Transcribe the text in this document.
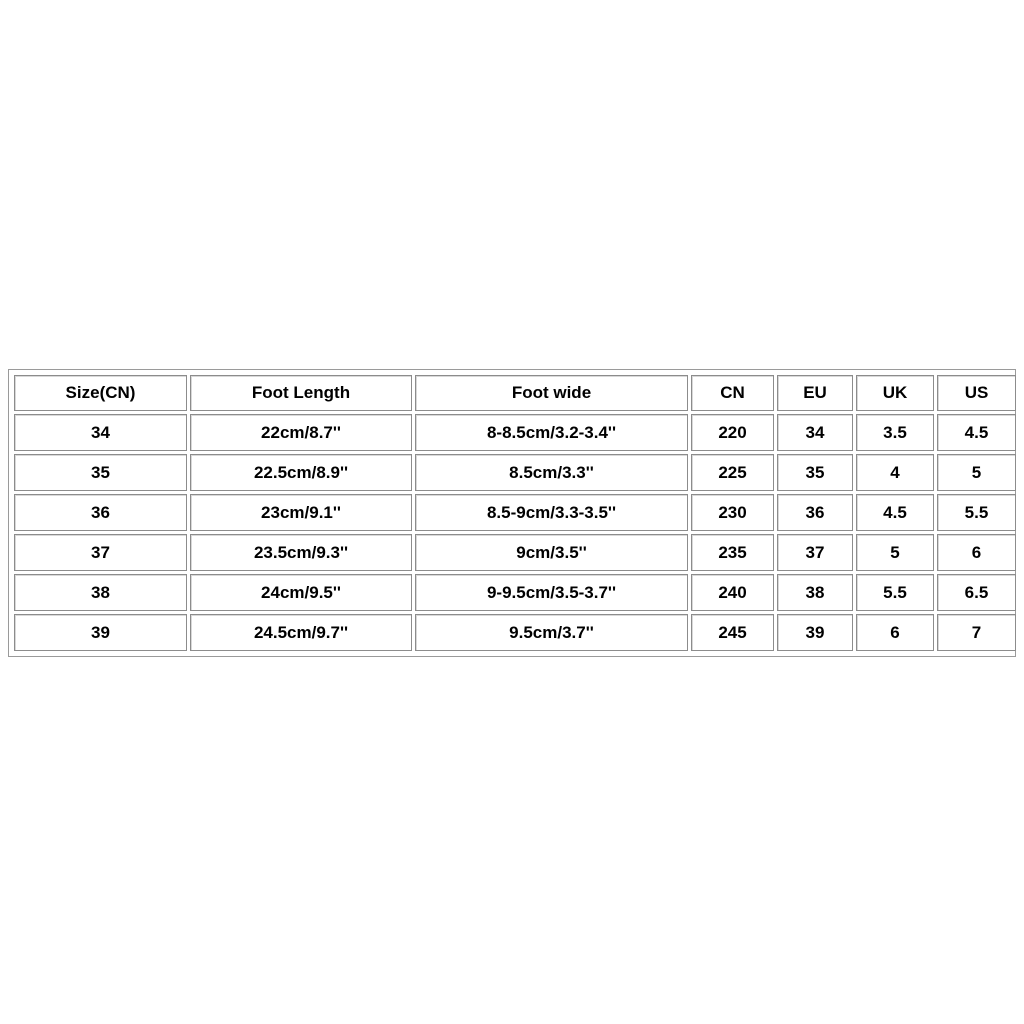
Size(CN)	Foot Length	Foot wide	CN	EU	UK	US
34	22cm/8.7''	8-8.5cm/3.2-3.4''	220	34	3.5	4.5
35	22.5cm/8.9''	8.5cm/3.3''	225	35	4	5
36	23cm/9.1''	8.5-9cm/3.3-3.5''	230	36	4.5	5.5
37	23.5cm/9.3''	9cm/3.5''	235	37	5	6
38	24cm/9.5''	9-9.5cm/3.5-3.7''	240	38	5.5	6.5
39	24.5cm/9.7''	9.5cm/3.7''	245	39	6	7
